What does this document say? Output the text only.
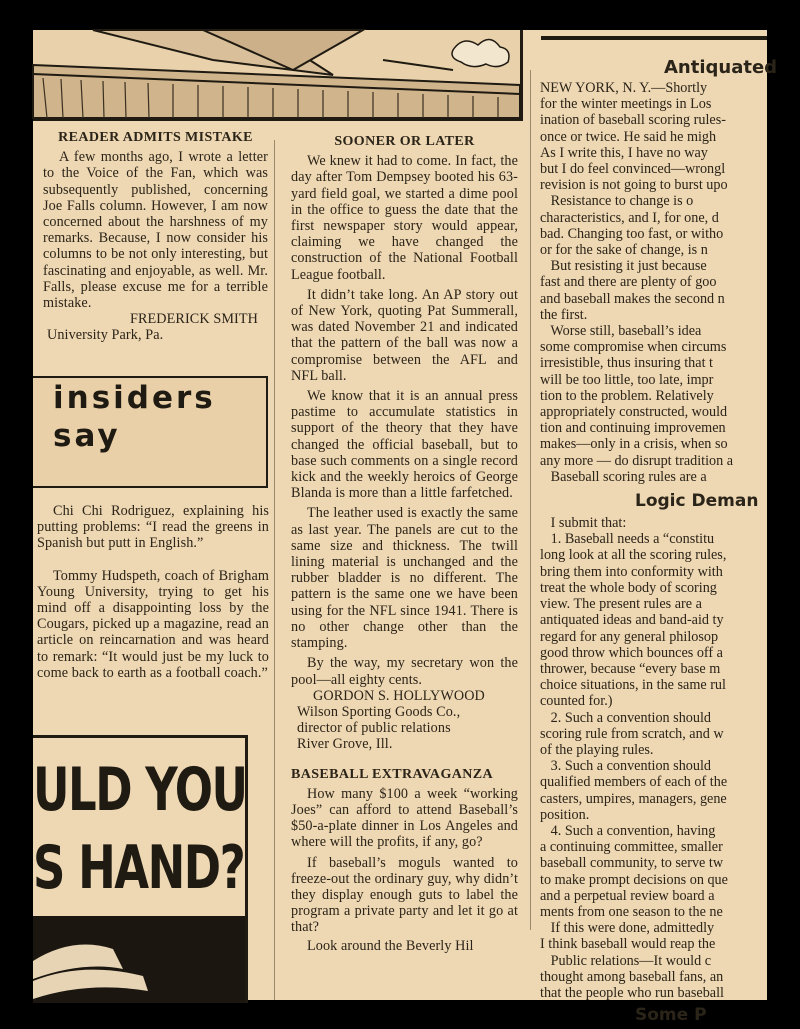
READER ADMITS MISTAKE

A few months ago, I wrote a letter to the Voice of the Fan, which was subsequently published, concerning Joe Falls column. However, I am now concerned about the harshness of my remarks. Because, I now consider his columns to be not only interesting, but fascinating and enjoyable, as well. Mr. Falls, please excuse me for a terrible mistake.

FREDERICK SMITH

University Park, Pa.

insiders
say

Chi Chi Rodriguez, explaining his putting problems: “I read the greens in Spanish but putt in English.”

Tommy Hudspeth, coach of Brigham Young University, trying to get his mind off a disappointing loss by the Cougars, picked up a magazine, read an article on reincarnation and was heard to remark: “It would just be my luck to come back to earth as a football coach.”

ULD YOU
S HAND?
SOONER OR LATER

We knew it had to come. In fact, the day after Tom Dempsey booted his 63-yard field goal, we started a dime pool in the office to guess the date that the first newspaper story would appear, claiming we have changed the construction of the National Football League football.

It didn’t take long. An AP story out of New York, quoting Pat Summerall, was dated November 21 and indicated that the pattern of the ball was now a compromise between the AFL and NFL ball.

We know that it is an annual press pastime to accumulate statistics in support of the theory that they have changed the official baseball, but to base such comments on a single record kick and the weekly heroics of George Blanda is more than a little farfetched.

The leather used is exactly the same as last year. The panels are cut to the same size and thickness. The twill lining material is unchanged and the rubber bladder is no different. The pattern is the same one we have been using for the NFL since 1941. There is no other change other than the stamping.

By the way, my secretary won the pool—all eighty cents.

GORDON S. HOLLYWOOD

Wilson Sporting Goods Co.,

director of public relations

River Grove, Ill.

BASEBALL EXTRAVAGANZA

How many $100 a week “working Joes” can afford to attend Baseball’s $50-a-plate dinner in Los Angeles and where will the profits, if any, go?

If baseball’s moguls wanted to freeze-out the ordinary guy, why didn’t they display enough guts to label the program a private party and let it go at that?

Look around the Beverly Hil

Antiquated
NEW YORK, N. Y.—Shortly
for the winter meetings in Los
ination of baseball scoring rules-
once or twice. He said he migh
As I write this, I have no way
but I do feel convinced—wrongl
revision is not going to burst upo
Resistance to change is o
characteristics, and I, for one, d
bad. Changing too fast, or witho
or for the sake of change, is n
But resisting it just because
fast and there are plenty of goo
and baseball makes the second n
the first.
Worse still, baseball’s idea
some compromise when circums
irresistible, thus insuring that t
will be too little, too late, impr
tion to the problem. Relatively
appropriately constructed, would
tion and continuing improvemen
makes—only in a crisis, when so
any more — do disrupt tradition a
Baseball scoring rules are a
Logic Deman
I submit that:
1. Baseball needs a “constitu
long look at all the scoring rules,
bring them into conformity with
treat the whole body of scoring
view. The present rules are a
antiquated ideas and band-aid ty
regard for any general philosop
good throw which bounces off a
thrower, because “every base m
choice situations, in the same rul
counted for.)
2. Such a convention should
scoring rule from scratch, and w
of the playing rules.
3. Such a convention should
qualified members of each of the
casters, umpires, managers, gene
position.
4. Such a convention, having
a continuing committee, smaller
baseball community, to serve tw
to make prompt decisions on que
and a perpetual review board a
ments from one season to the ne
If this were done, admittedly
I think baseball would reap the
Public relations—It would c
thought among baseball fans, an
that the people who run baseball
Some P
